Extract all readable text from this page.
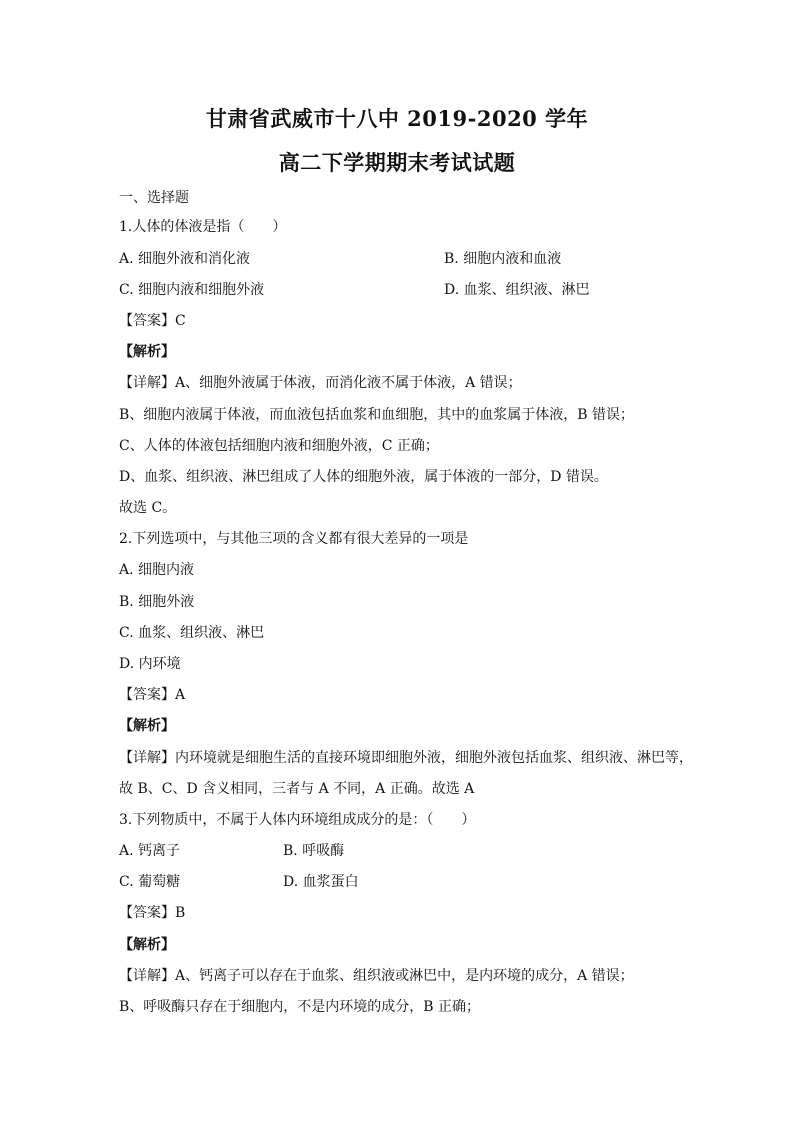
甘肃省武威市十八中 2019-2020 学年
高二下学期期末考试试题
一、选择题
1.人体的体液是指（　　）
A. 细胞外液和消化液	B. 细胞内液和血液
C. 细胞内液和细胞外液	D. 血浆、组织液、淋巴
【答案】C
【解析】
【详解】A、细胞外液属于体液，而消化液不属于体液，A 错误；
B、细胞内液属于体液，而血液包括血浆和血细胞，其中的血浆属于体液，B 错误；
C、人体的体液包括细胞内液和细胞外液，C 正确；
D、血浆、组织液、淋巴组成了人体的细胞外液，属于体液的一部分，D 错误。
故选 C。
2.下列选项中，与其他三项的含义都有很大差异的一项是
A. 细胞内液
B. 细胞外液
C. 血浆、组织液、淋巴
D. 内环境
【答案】A
【解析】
【详解】内环境就是细胞生活的直接环境即细胞外液，细胞外液包括血浆、组织液、淋巴等，
故 B、C、D 含义相同，三者与 A 不同，A 正确。故选 A
3.下列物质中，不属于人体内环境组成成分的是：（　　）
A. 钙离子	B. 呼吸酶
C. 葡萄糖	D. 血浆蛋白
【答案】B
【解析】
【详解】A、钙离子可以存在于血浆、组织液或淋巴中，是内环境的成分，A 错误；
B、呼吸酶只存在于细胞内，不是内环境的成分，B 正确；
